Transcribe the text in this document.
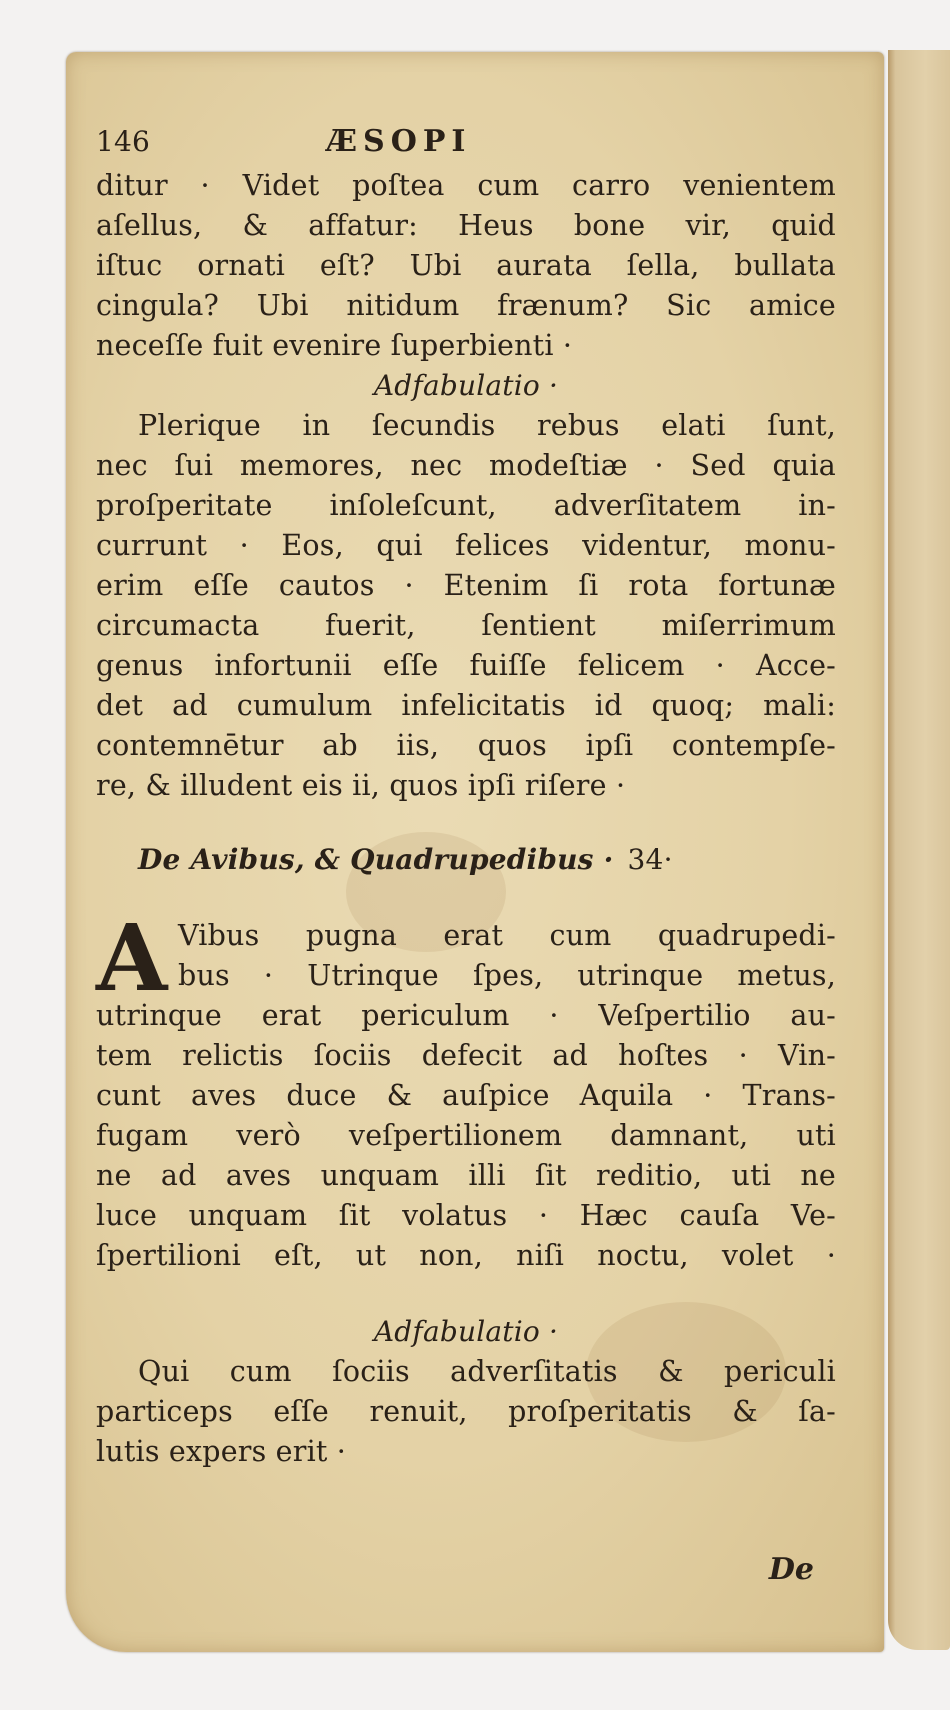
146	ÆSOPI
ditur · Videt poſtea cum carro venientem
aſellus, & affatur: Heus bone vir, quid
iſtuc ornati eſt? Ubi aurata ſella, bullata
cingula? Ubi nitidum frænum? Sic amice
neceſſe fuit evenire ſuperbienti ·
Adfabulatio ·
Plerique in ſecundis rebus elati ſunt,
nec ſui memores, nec modeſtiæ · Sed quia
proſperitate inſoleſcunt, adverſitatem in-
currunt · Eos, qui felices videntur, monu-
erim eſſe cautos · Etenim ſi rota fortunæ
circumacta fuerit, ſentient miſerrimum
genus infortunii eſſe fuiſſe felicem · Acce-
det ad cumulum infelicitatis id quoq; mali:
contemnētur ab iis, quos ipſi contempſe-
re, & illudent eis ii, quos ipſi riſere ·
De Avibus, & Quadrupedibus · 34·
A Vibus pugna erat cum quadrupedi-
bus · Utrinque ſpes, utrinque metus,
utrinque erat periculum · Veſpertilio au-
tem relictis ſociis defecit ad hoſtes · Vin-
cunt aves duce & auſpice Aquila · Trans-
fugam verò veſpertilionem damnant, uti
ne ad aves unquam illi ſit reditio, uti ne
luce unquam ſit volatus · Hæc cauſa Ve-
ſpertilioni eſt, ut non, niſi noctu, volet ·
Adfabulatio ·
Qui cum ſociis adverſitatis & periculi
particeps eſſe renuit, proſperitatis & ſa-
lutis expers erit ·
De
